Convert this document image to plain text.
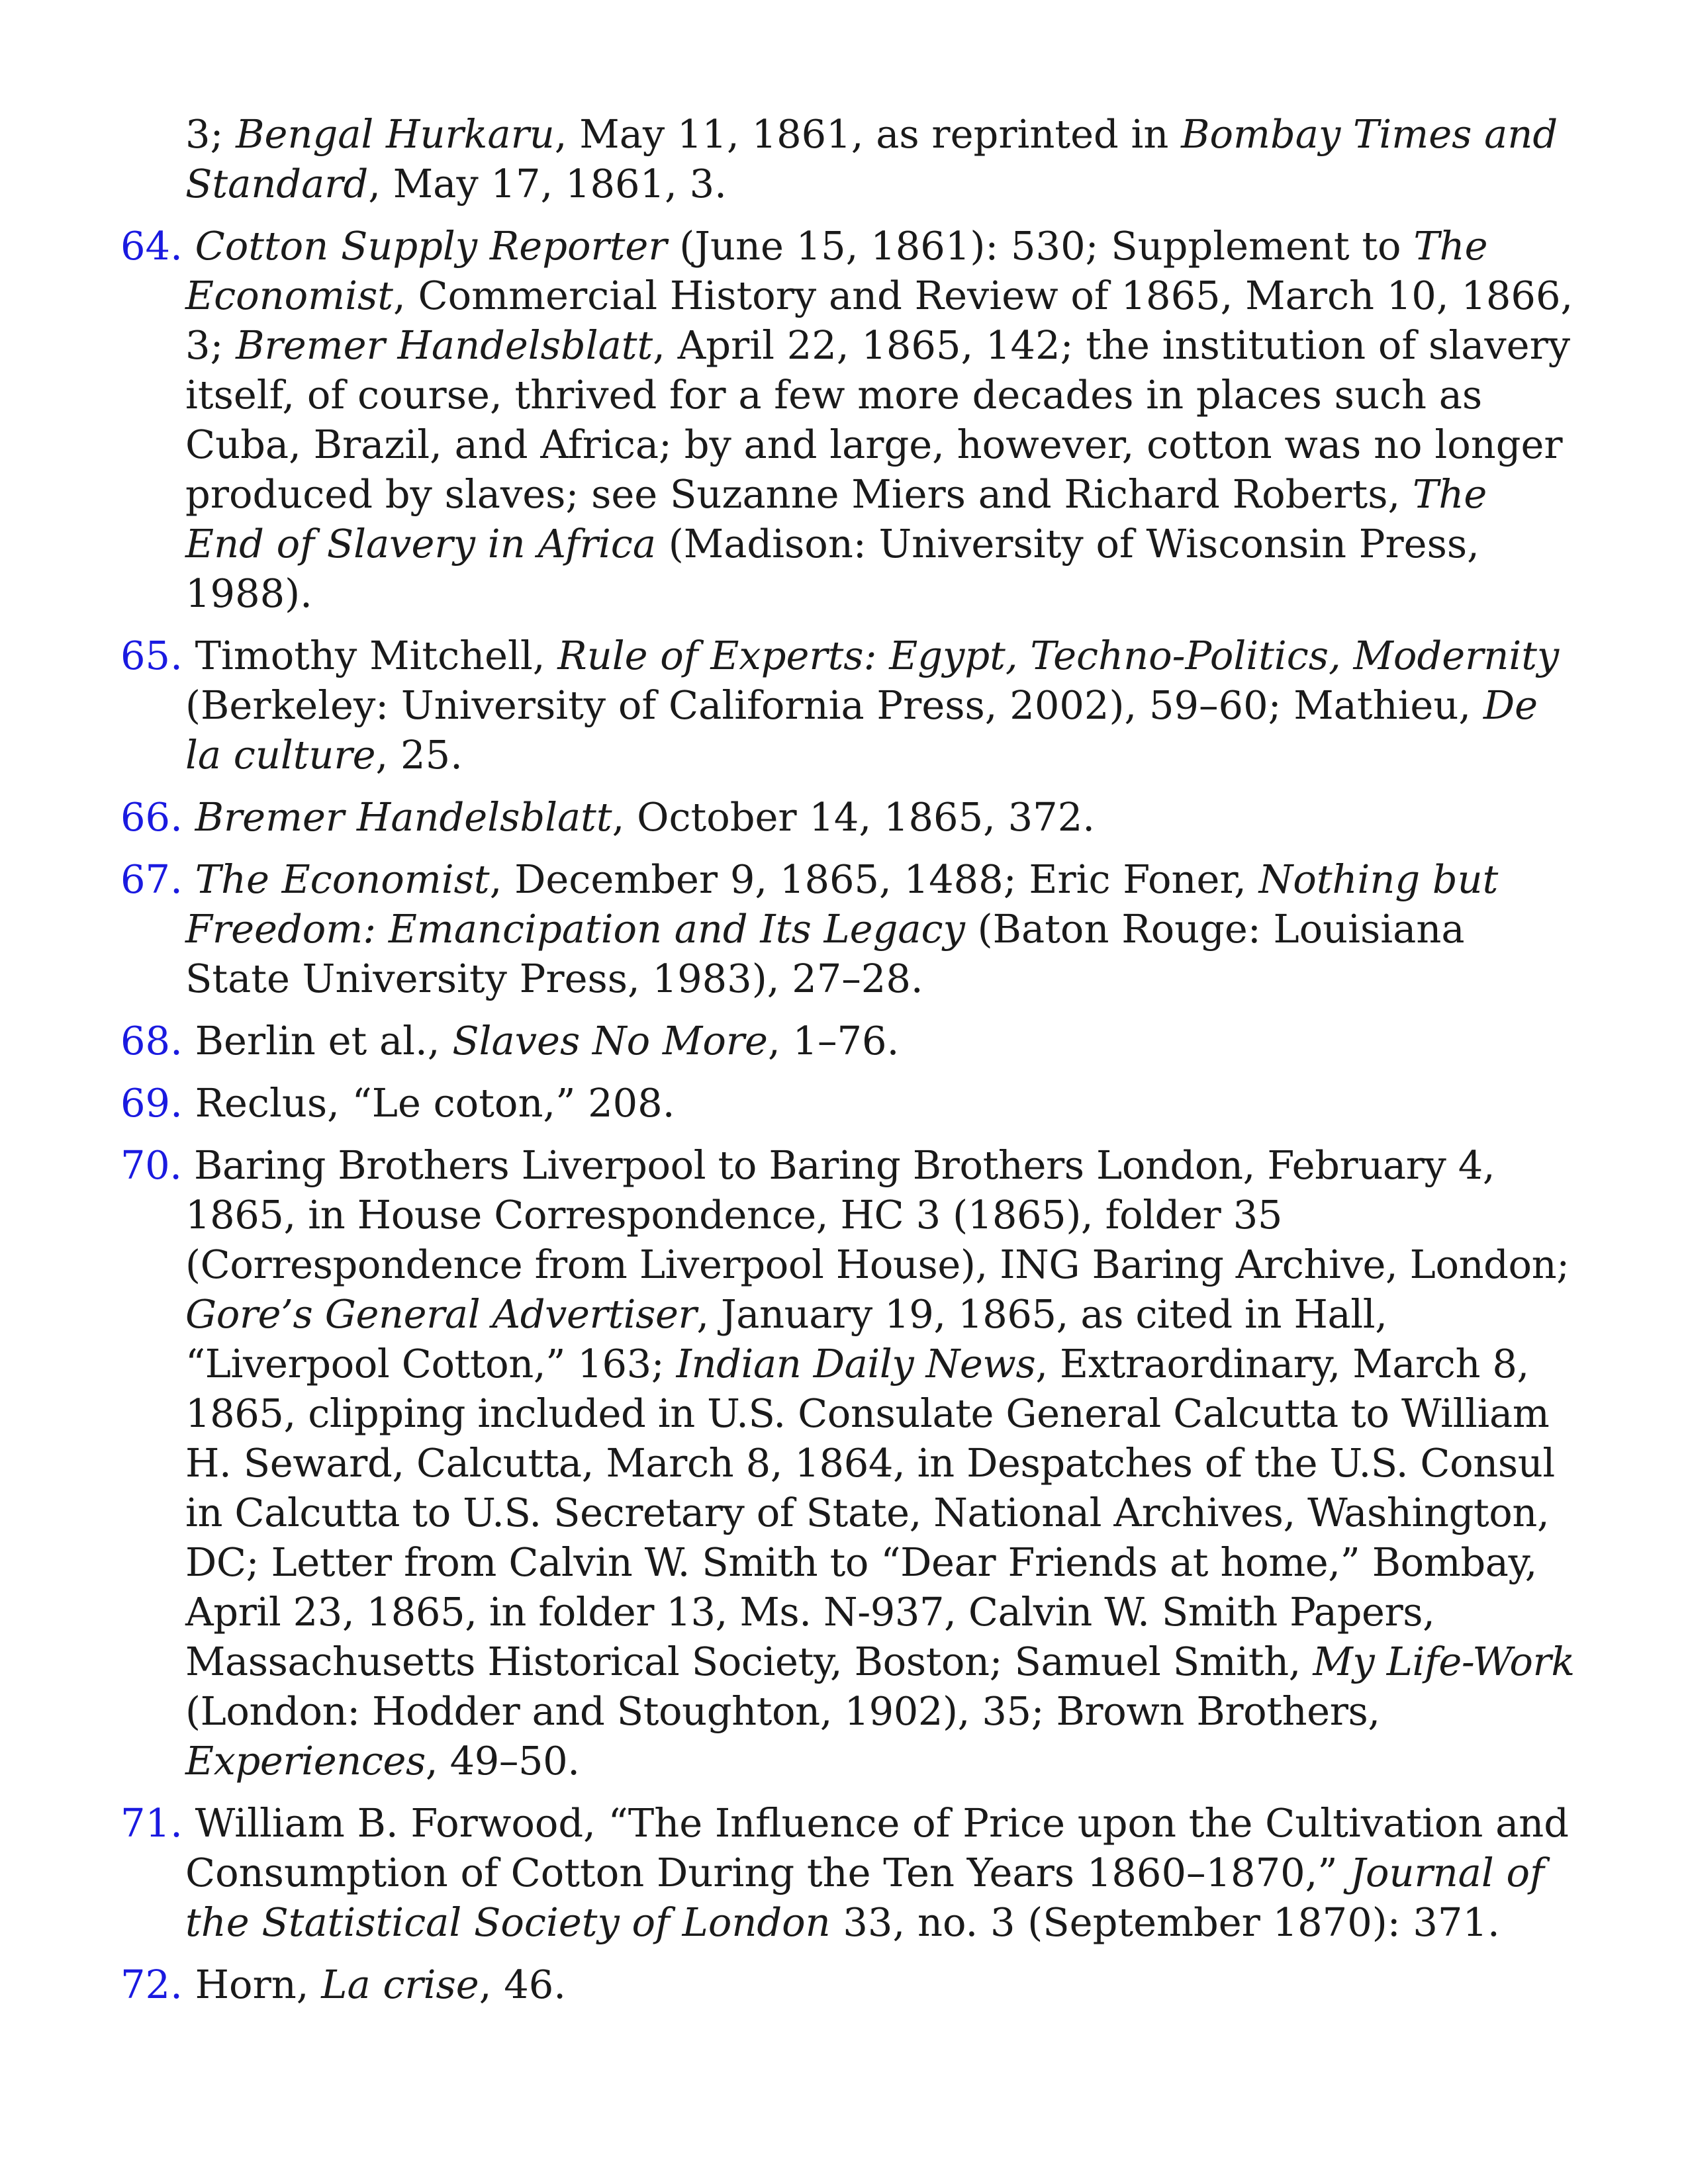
3; Bengal Hurkaru, May 11, 1861, as reprinted in Bombay Times and Standard, May 17, 1861, 3.
64. Cotton Supply Reporter (June 15, 1861): 530; Supplement to The Economist, Commercial History and Review of 1865, March 10, 1866, 3; Bremer Handelsblatt, April 22, 1865, 142; the institution of slavery itself, of course, thrived for a few more decades in places such as Cuba, Brazil, and Africa; by and large, however, cotton was no longer produced by slaves; see Suzanne Miers and Richard Roberts, The End of Slavery in Africa (Madison: University of Wisconsin Press, 1988).
65. Timothy Mitchell, Rule of Experts: Egypt, Techno-Politics, Modernity (Berkeley: University of California Press, 2002), 59–60; Mathieu, De la culture, 25.
66. Bremer Handelsblatt, October 14, 1865, 372.
67. The Economist, December 9, 1865, 1488; Eric Foner, Nothing but Freedom: Emancipation and Its Legacy (Baton Rouge: Louisiana State University Press, 1983), 27–28.
68. Berlin et al., Slaves No More, 1–76.
69. Reclus, “Le coton,” 208.
70. Baring Brothers Liverpool to Baring Brothers London, February 4, 1865, in House Correspondence, HC 3 (1865), folder 35 (Correspondence from Liverpool House), ING Baring Archive, London; Gore’s General Advertiser, January 19, 1865, as cited in Hall, “Liverpool Cotton,” 163; Indian Daily News, Extraordinary, March 8, 1865, clipping included in U.S. Consulate General Calcutta to William H. Seward, Calcutta, March 8, 1864, in Despatches of the U.S. Consul in Calcutta to U.S. Secretary of State, National Archives, Washington, DC; Letter from Calvin W. Smith to “Dear Friends at home,” Bombay, April 23, 1865, in folder 13, Ms. N-937, Calvin W. Smith Papers, Massachusetts Historical Society, Boston; Samuel Smith, My Life-Work (London: Hodder and Stoughton, 1902), 35; Brown Brothers, Experiences, 49–50.
71. William B. Forwood, “The Influence of Price upon the Cultivation and Consumption of Cotton During the Ten Years 1860–1870,” Journal of the Statistical Society of London 33, no. 3 (September 1870): 371.
72. Horn, La crise, 46.
